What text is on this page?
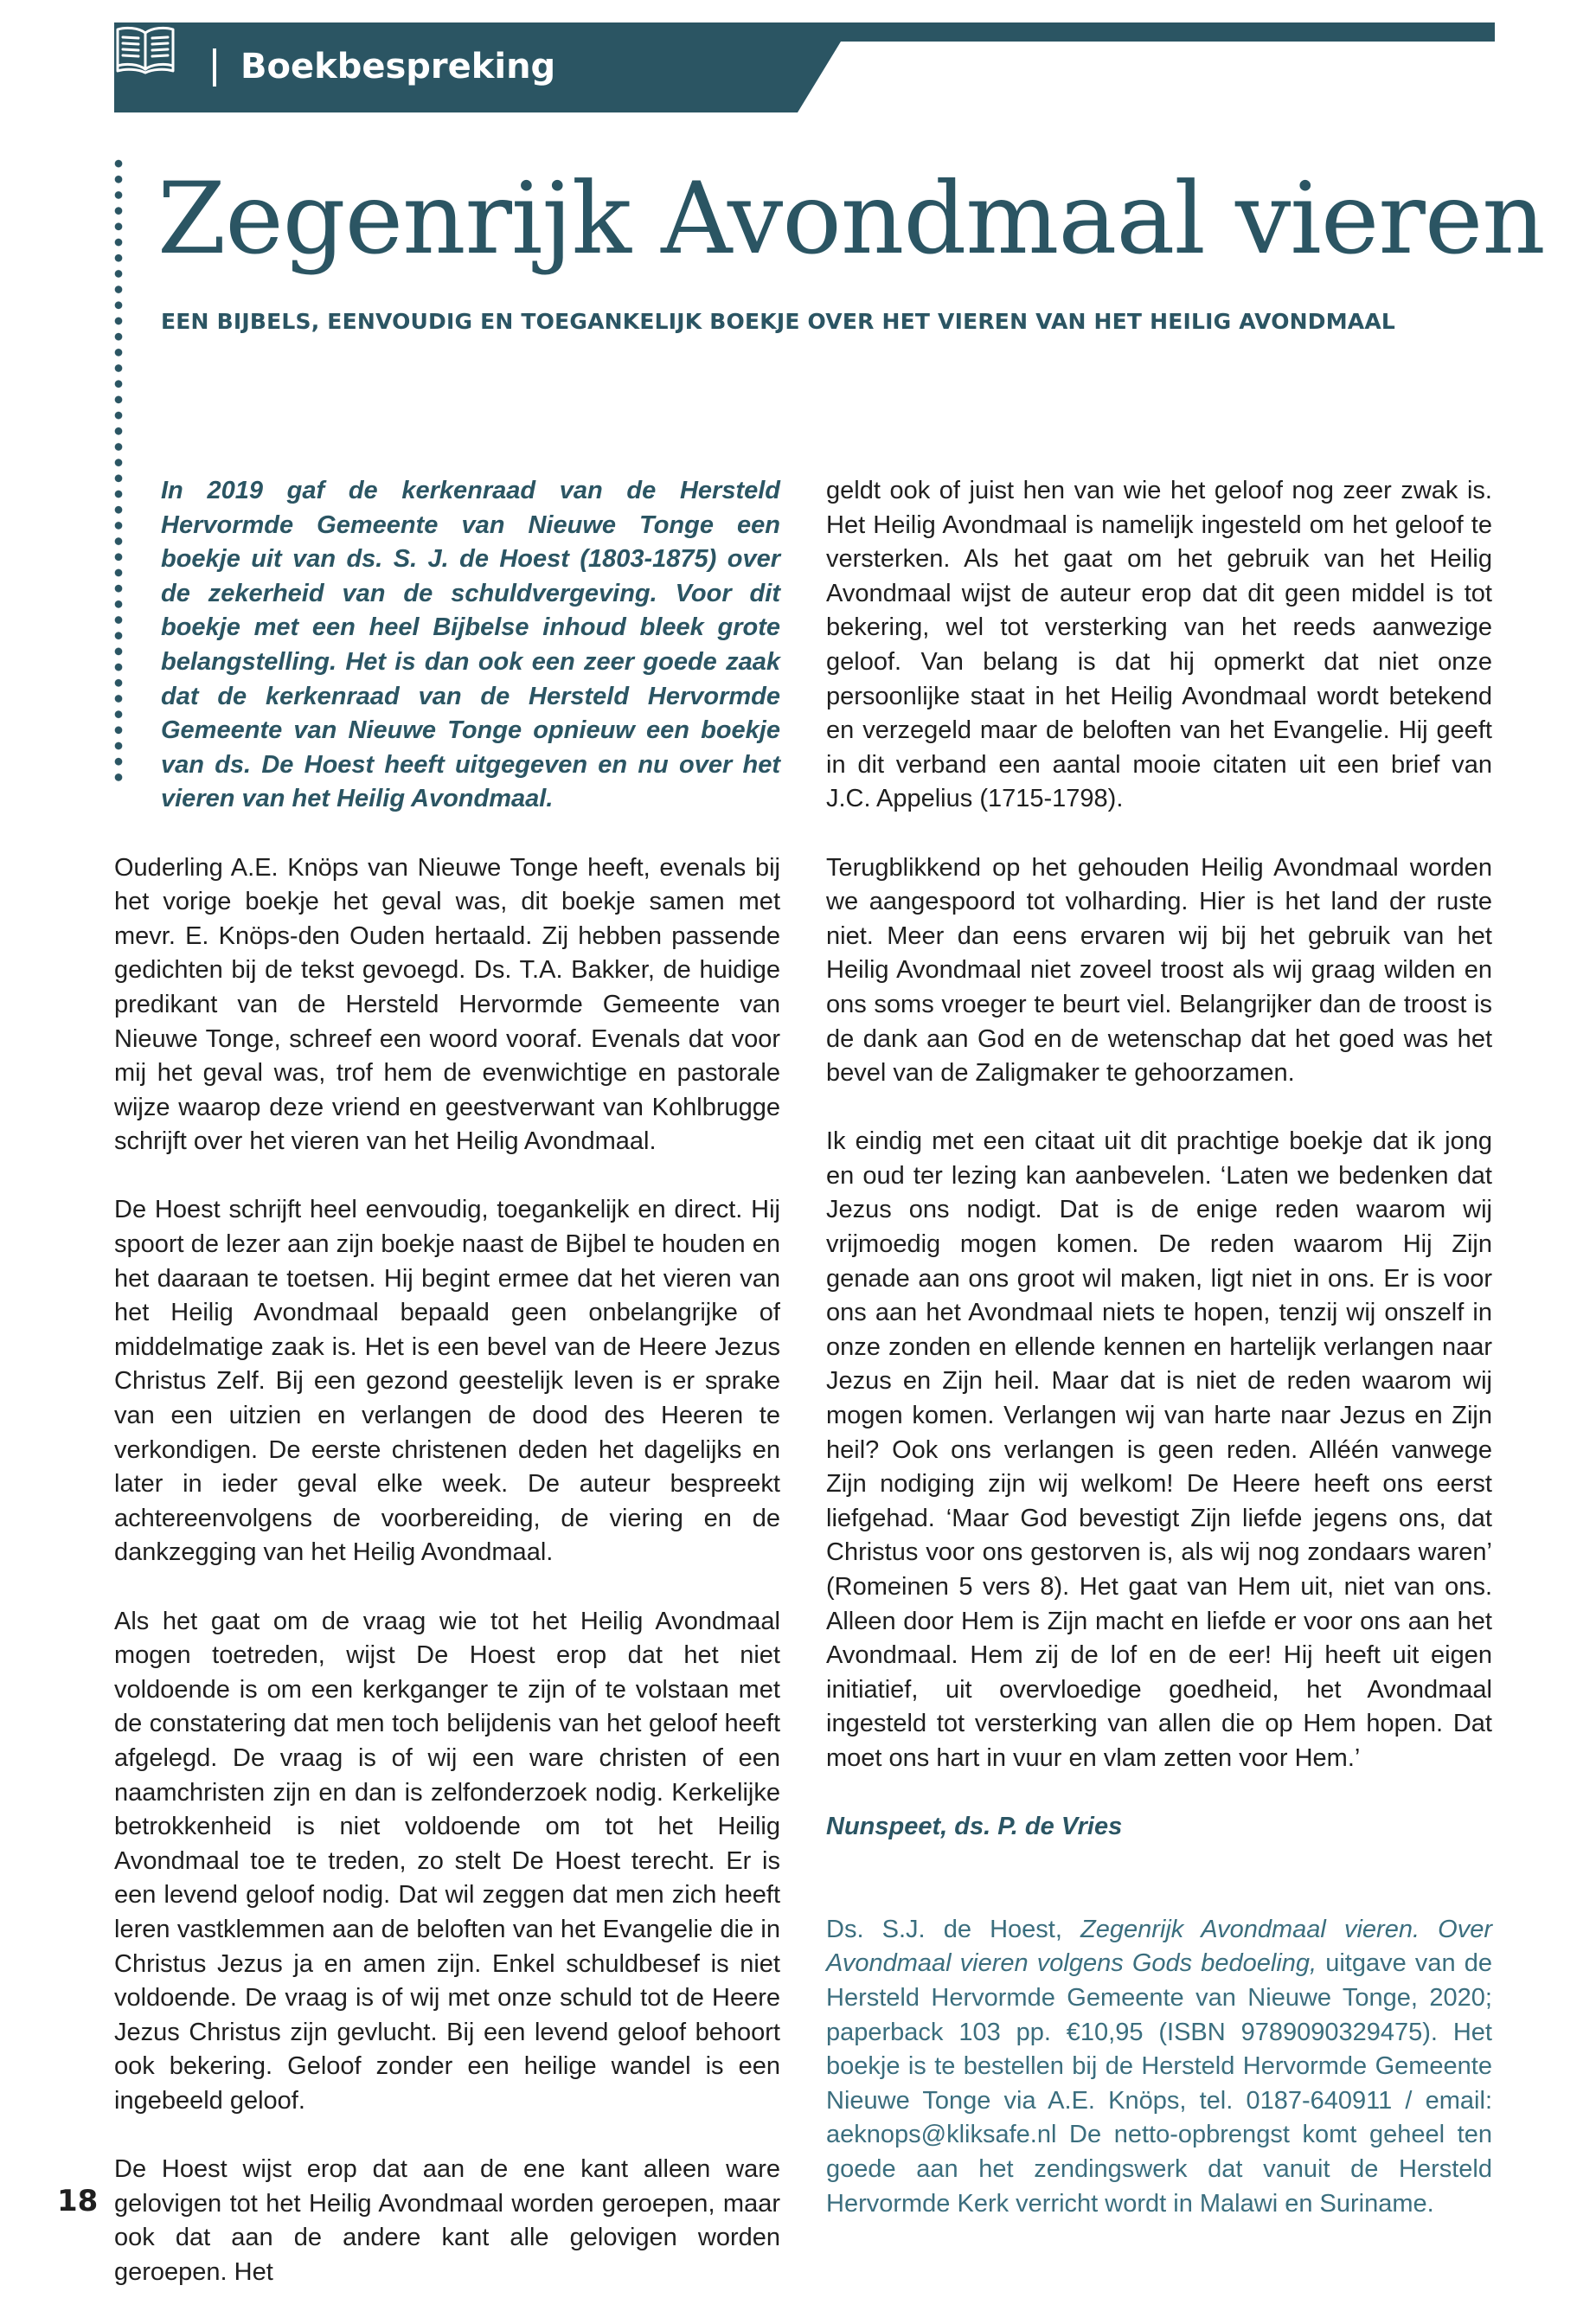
Boekbespreking
Zegenrijk Avondmaal vieren
EEN BIJBELS, EENVOUDIG EN TOEGANKELIJK BOEKJE OVER HET VIEREN VAN HET HEILIG AVONDMAAL

In 2019 gaf de kerkenraad van de Hersteld Hervormde Gemeente van Nieuwe Tonge een boekje uit van ds. S. J. de Hoest (1803-1875) over de zekerheid van de schuldvergeving. Voor dit boekje met een heel Bijbelse inhoud bleek grote belangstelling. Het is dan ook een zeer goede zaak dat de kerkenraad van de Hersteld Hervormde Gemeente van Nieuwe Tonge opnieuw een boekje van ds. De Hoest heeft uitgegeven en nu over het vieren van het Heilig Avondmaal.

Ouderling A.E. Knöps van Nieuwe Tonge heeft, evenals bij het vorige boekje het geval was, dit boekje samen met mevr. E. Knöps-den Ouden hertaald. Zij hebben passende gedichten bij de tekst gevoegd. Ds. T.A. Bakker, de huidige predikant van de Hersteld Hervormde Gemeente van Nieuwe Tonge, schreef een woord vooraf. Evenals dat voor mij het geval was, trof hem de evenwichtige en pastorale wijze waarop deze vriend en geestverwant van Kohlbrugge schrijft over het vieren van het Heilig Avondmaal.

De Hoest schrijft heel eenvoudig, toegankelijk en direct. Hij spoort de lezer aan zijn boekje naast de Bijbel te houden en het daaraan te toetsen. Hij begint ermee dat het vieren van het Heilig Avondmaal bepaald geen onbelangrijke of middelmatige zaak is. Het is een bevel van de Heere Jezus Christus Zelf. Bij een gezond geestelijk leven is er sprake van een uitzien en verlangen de dood des Heeren te verkondigen. De eerste christenen deden het dagelijks en later in ieder geval elke week. De auteur bespreekt achtereenvolgens de voorbereiding, de viering en de dankzegging van het Heilig Avondmaal.

Als het gaat om de vraag wie tot het Heilig Avondmaal mogen toetreden, wijst De Hoest erop dat het niet voldoende is om een kerkganger te zijn of te volstaan met de constatering dat men toch belijdenis van het geloof heeft afgelegd. De vraag is of wij een ware christen of een naamchristen zijn en dan is zelfonderzoek nodig. Kerkelijke betrokkenheid is niet voldoende om tot het Heilig Avondmaal toe te treden, zo stelt De Hoest terecht. Er is een levend geloof nodig. Dat wil zeggen dat men zich heeft leren vastklemmen aan de beloften van het Evangelie die in Christus Jezus ja en amen zijn. Enkel schuldbesef is niet voldoende. De vraag is of wij met onze schuld tot de Heere Jezus Christus zijn gevlucht. Bij een levend geloof behoort ook bekering. Geloof zonder een heilige wandel is een ingebeeld geloof.

De Hoest wijst erop dat aan de ene kant alleen ware gelovigen tot het Heilig Avondmaal worden geroepen, maar ook dat aan de andere kant alle gelovigen worden geroepen. Het

geldt ook of juist hen van wie het geloof nog zeer zwak is. Het Heilig Avondmaal is namelijk ingesteld om het geloof te versterken. Als het gaat om het gebruik van het Heilig Avondmaal wijst de auteur erop dat dit geen middel is tot bekering, wel tot versterking van het reeds aanwezige geloof. Van belang is dat hij opmerkt dat niet onze persoonlijke staat in het Heilig Avondmaal wordt betekend en verzegeld maar de beloften van het Evangelie. Hij geeft in dit verband een aantal mooie citaten uit een brief van J.C. Appelius (1715-1798).

Terugblikkend op het gehouden Heilig Avondmaal worden we aangespoord tot volharding. Hier is het land der ruste niet. Meer dan eens ervaren wij bij het gebruik van het Heilig Avondmaal niet zoveel troost als wij graag wilden en ons soms vroeger te beurt viel. Belangrijker dan de troost is de dank aan God en de wetenschap dat het goed was het bevel van de Zaligmaker te gehoorzamen.

Ik eindig met een citaat uit dit prachtige boekje dat ik jong en oud ter lezing kan aanbevelen. ‘Laten we bedenken dat Jezus ons nodigt. Dat is de enige reden waarom wij vrijmoedig mogen komen. De reden waarom Hij Zijn genade aan ons groot wil maken, ligt niet in ons. Er is voor ons aan het Avondmaal niets te hopen, tenzij wij onszelf in onze zonden en ellende kennen en hartelijk verlangen naar Jezus en Zijn heil. Maar dat is niet de reden waarom wij mogen komen. Verlangen wij van harte naar Jezus en Zijn heil? Ook ons verlangen is geen reden. Alléén vanwege Zijn nodiging zijn wij welkom! De Heere heeft ons eerst liefgehad. ‘Maar God bevestigt Zijn liefde jegens ons, dat Christus voor ons gestorven is, als wij nog zondaars waren’ (Romeinen 5 vers 8). Het gaat van Hem uit, niet van ons. Alleen door Hem is Zijn macht en liefde er voor ons aan het Avondmaal. Hem zij de lof en de eer! Hij heeft uit eigen initiatief, uit overvloedige goedheid, het Avondmaal ingesteld tot versterking van allen die op Hem hopen. Dat moet ons hart in vuur en vlam zetten voor Hem.’

Nunspeet, ds. P. de Vries

Ds. S.J. de Hoest, Zegenrijk Avondmaal vieren. Over Avondmaal vieren volgens Gods bedoeling, uitgave van de Hersteld Hervormde Gemeente van Nieuwe Tonge, 2020; paperback 103 pp. €10,95 (ISBN 9789090329475). Het boekje is te bestellen bij de Hersteld Hervormde Gemeente Nieuwe Tonge via A.E. Knöps, tel. 0187-640911 / email: aeknops@kliksafe.nl De netto-opbrengst komt geheel ten goede aan het zendingswerk dat vanuit de Hersteld Hervormde Kerk verricht wordt in Malawi en Suriname.

18
